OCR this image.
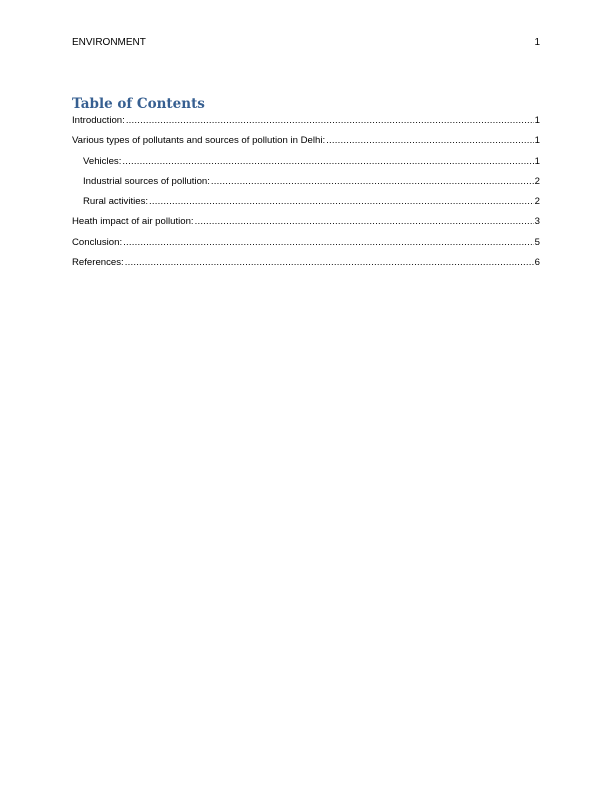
ENVIRONMENT	1
Table of Contents
Introduction: .....	1
Various types of pollutants and sources of pollution in Delhi: .....	1
Vehicles: .....	1
Industrial sources of pollution: .....	2
Rural activities: .....	2
Heath impact of air pollution: .....	3
Conclusion: .....	5
References: .....	6
